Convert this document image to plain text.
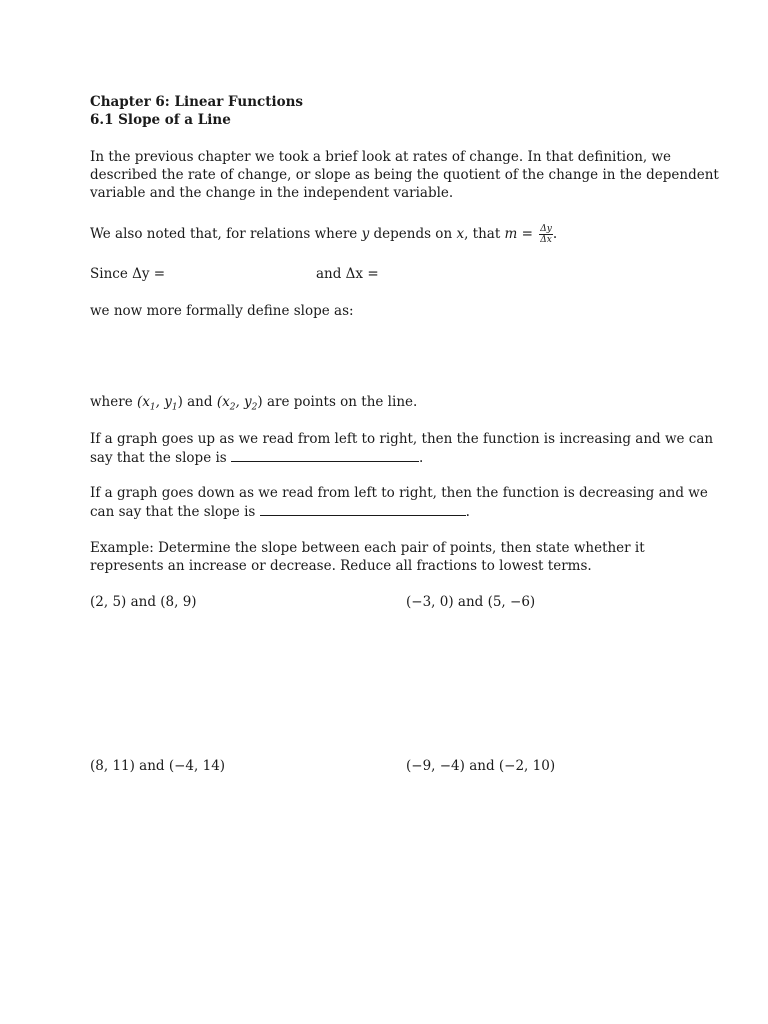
Chapter 6: Linear Functions
6.1 Slope of a Line
In the previous chapter we took a brief look at rates of change. In that definition, we
described the rate of change, or slope as being the quotient of the change in the dependent
variable and the change in the independent variable.
We also noted that, for relations where y depends on x, that $m = \frac{\Delta y}{\Delta x}$ .
Since Δy =	and Δx =
we now more formally define slope as:
where ($x_1$, $y_1$) and ($x_2$, $y_2$) are points on the line.
If a graph goes up as we read from left to right, then the function is increasing and we can
say that the slope is	.
If a graph goes down as we read from left to right, then the function is decreasing and we
can say that the slope is	.
Example: Determine the slope between each pair of points, then state whether it
represents an increase or decrease. Reduce all fractions to lowest terms.
(2, 5) and (8, 9)	(−3, 0) and (5, −6)
(8, 11) and (−4, 14)	(−9, −4) and (−2, 10)
